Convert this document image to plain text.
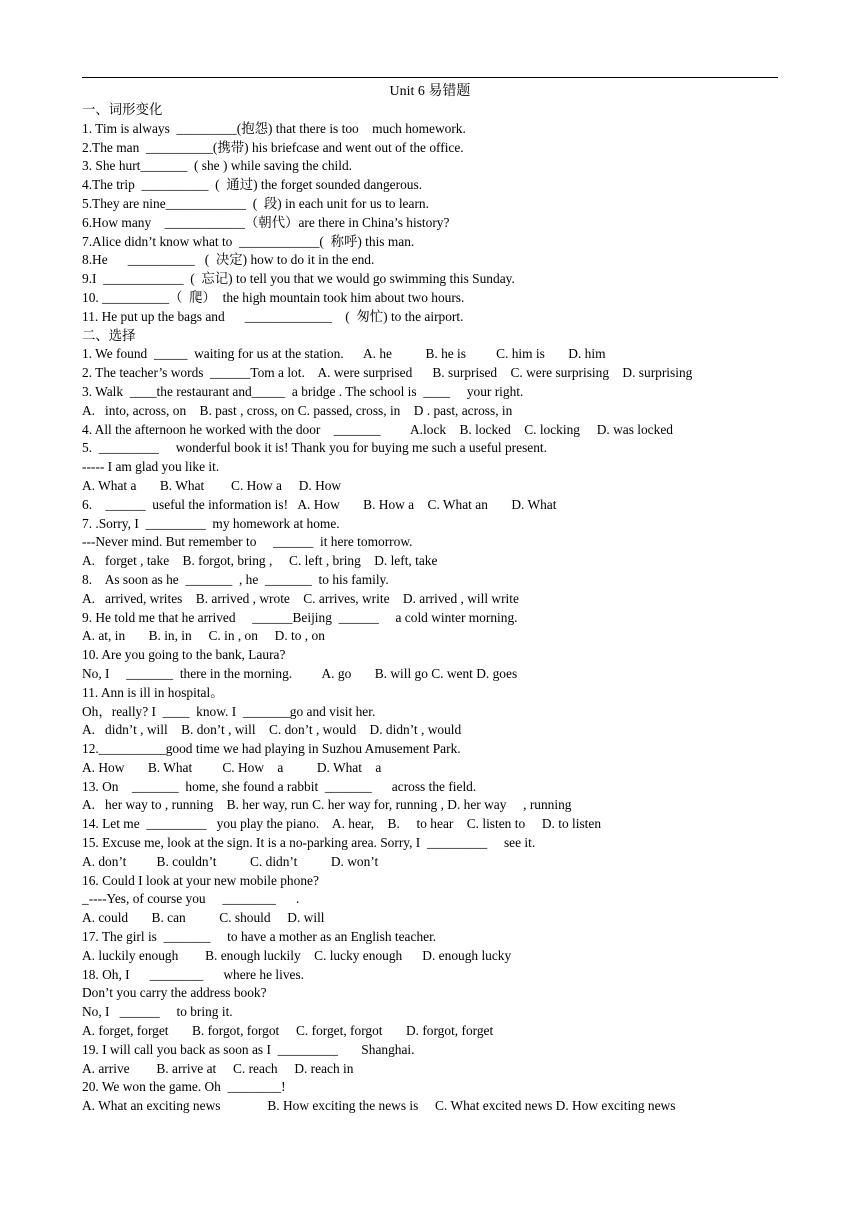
Unit 6 易错题
一、词形变化
1. Tim is always  _________(抱怨) that there is too    much homework.
2.The man  __________(携带) his briefcase and went out of the office.
3. She hurt_______  ( she ) while saving the child.
4.The trip  __________  (  通过) the forget sounded dangerous.
5.They are nine____________  (  段) in each unit for us to learn.
6.How many    ____________（朝代）are there in China’s history?
7.Alice didn’t know what to  ____________(  称呼) this man.
8.He      __________   (  决定) how to do it in the end.
9.I  ____________  (  忘记) to tell you that we would go swimming this Sunday.
10. __________（  爬）  the high mountain took him about two hours.
11. He put up the bags and      _____________    (  匆忙) to the airport.
二、选择
1. We found  _____  waiting for us at the station.      A. he          B. he is         C. him is       D. him
2. The teacher’s words  ______Tom a lot.    A. were surprised      B. surprised    C. were surprising    D. surprising
3. Walk  ____the restaurant and_____  a bridge . The school is  ____     your right.
A.   into, across, on    B. past , cross, on C. passed, cross, in    D . past, across, in
4. All the afternoon he worked with the door    _______         A.lock    B. locked    C. locking     D. was locked
5.  _________     wonderful book it is! Thank you for buying me such a useful present.
----- I am glad you like it.
A. What a       B. What        C. How a     D. How
6.    ______  useful the information is!   A. How       B. How a    C. What an       D. What
7. .Sorry, I  _________  my homework at home.
---Never mind. But remember to     ______  it here tomorrow.
A.   forget , take    B. forgot, bring ,     C. left , bring    D. left, take
8.    As soon as he  _______  , he  _______  to his family.
A.   arrived, writes    B. arrived , wrote    C. arrives, write    D. arrived , will write
9. He told me that he arrived     ______Beijing  ______     a cold winter morning.
A. at, in       B. in, in     C. in , on     D. to , on
10. Are you going to the bank, Laura?
No, I     _______  there in the morning.         A. go       B. will go C. went D. goes
11. Ann is ill in hospital。
Oh，really? I  ____  know. I  _______go and visit her.
A.   didn’t , will    B. don’t , will    C. don’t , would    D. didn’t , would
12.__________good time we had playing in Suzhou Amusement Park.
A. How       B. What         C. How    a          D. What    a
13. On    _______  home, she found a rabbit  _______      across the field.
A.   her way to , running    B. her way, run C. her way for, running , D. her way     , running
14. Let me  _________   you play the piano.    A. hear,    B.     to hear    C. listen to     D. to listen
15. Excuse me, look at the sign. It is a no-parking area. Sorry, I  _________     see it.
A. don’t         B. couldn’t          C. didn’t          D. won’t
16. Could I look at your new mobile phone?
_----Yes, of course you     ________      .
A. could       B. can          C. should     D. will
17. The girl is  _______     to have a mother as an English teacher.
A. luckily enough        B. enough luckily    C. lucky enough      D. enough lucky
18. Oh, I      ________      where he lives.
Don’t you carry the address book?
No, I   ______     to bring it.
A. forget, forget       B. forgot, forgot     C. forget, forgot       D. forgot, forget
19. I will call you back as soon as I  _________       Shanghai.
A. arrive        B. arrive at     C. reach     D. reach in
20. We won the game. Oh  ________!
A. What an exciting news              B. How exciting the news is     C. What excited news D. How exciting news
